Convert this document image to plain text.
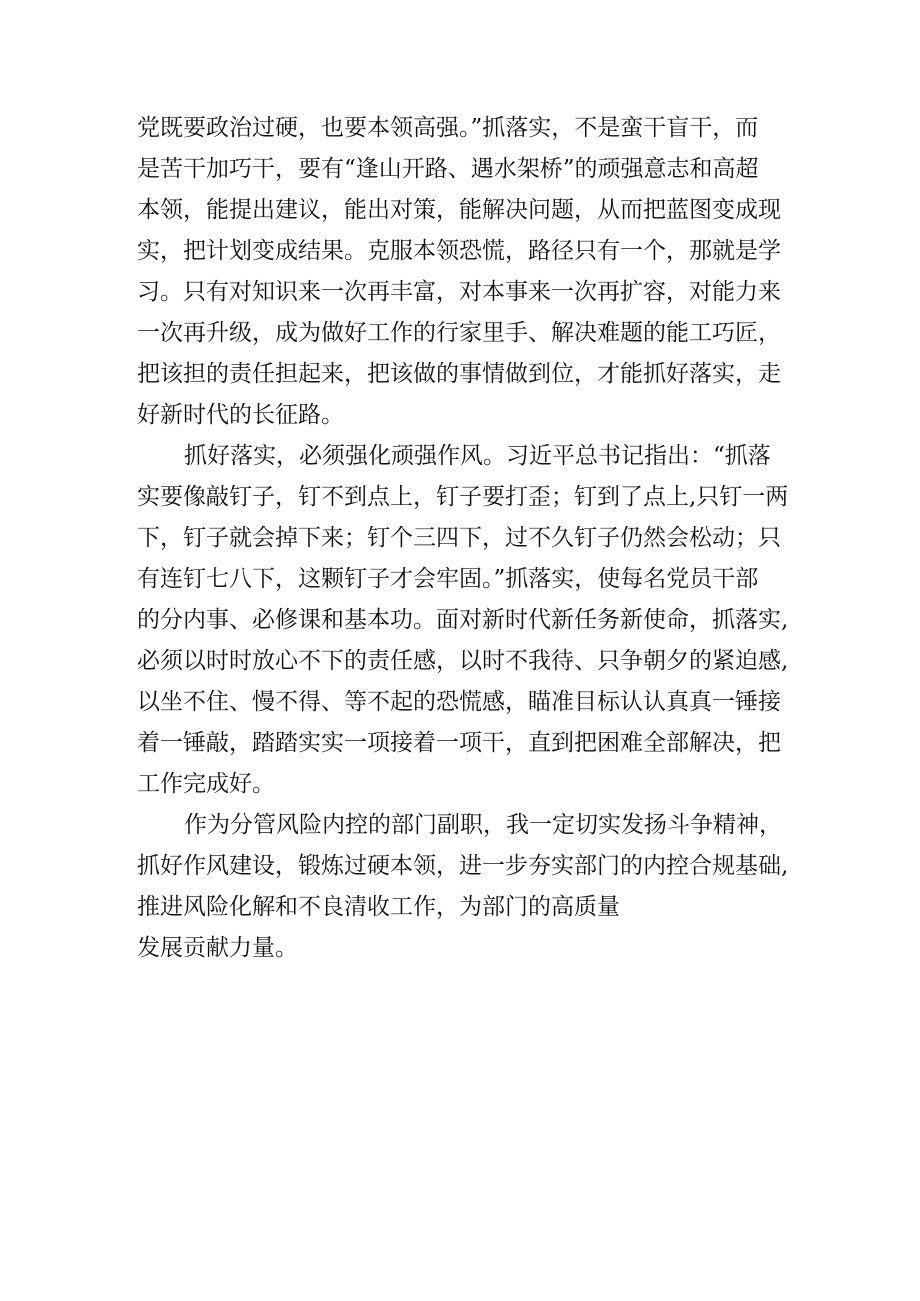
党既要政治过硬，也要本领高强。”抓落实，不是蛮干盲干，而
是苦干加巧干，要有“逢山开路、遇水架桥”的顽强意志和高超
本领，能提出建议，能出对策，能解决问题，从而把蓝图变成现
实，把计划变成结果。克服本领恐慌，路径只有一个，那就是学
习。只有对知识来一次再丰富，对本事来一次再扩容，对能力来
一次再升级，成为做好工作的行家里手、解决难题的能工巧匠，
把该担的责任担起来，把该做的事情做到位，才能抓好落实，走
好新时代的长征路。
抓好落实，必须强化顽强作风。习近平总书记指出：“抓落
实要像敲钉子，钉不到点上，钉子要打歪；钉到了点上,只钉一两
下，钉子就会掉下来；钉个三四下，过不久钉子仍然会松动；只
有连钉七八下，这颗钉子才会牢固。”抓落实，使每名党员干部
的分内事、必修课和基本功。面对新时代新任务新使命，抓落实,
必须以时时放心不下的责任感，以时不我待、只争朝夕的紧迫感,
以坐不住、慢不得、等不起的恐慌感，瞄准目标认认真真一锤接
着一锤敲，踏踏实实一项接着一项干，直到把困难全部解决，把
工作完成好。
作为分管风险内控的部门副职，我一定切实发扬斗争精神，
抓好作风建设，锻炼过硬本领，进一步夯实部门的内控合规基础,
推进风险化解和不良清收工作，为部门的高质量
发展贡献力量。
